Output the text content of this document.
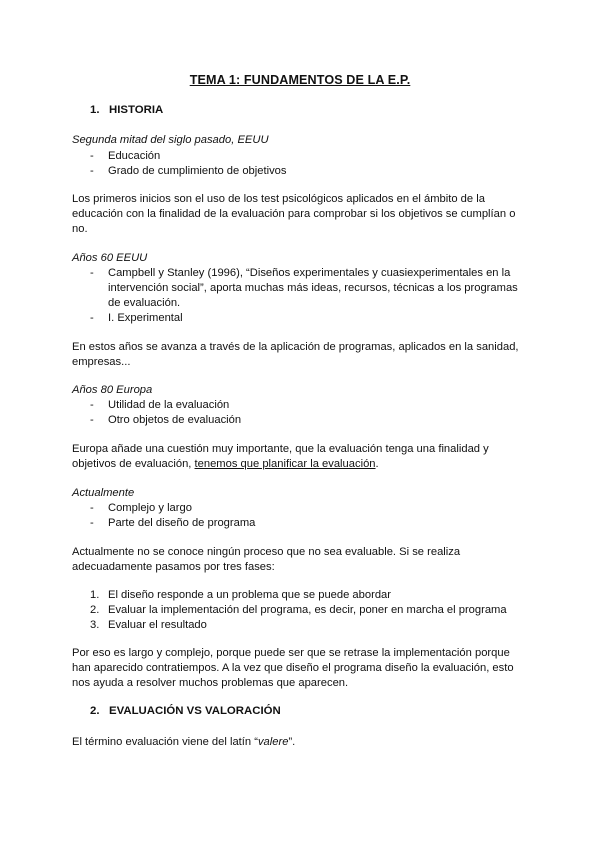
TEMA 1: FUNDAMENTOS DE LA E.P.
1. HISTORIA
Segunda mitad del siglo pasado, EEUU
- Educación
- Grado de cumplimiento de objetivos
Los primeros inicios son el uso de los test psicológicos aplicados en el ámbito de la
educación con la finalidad de la evaluación para comprobar si los objetivos se cumplían o
no.
Años 60 EEUU
- Campbell y Stanley (1996), “Diseños experimentales y cuasiexperimentales en la
intervención social”, aporta muchas más ideas, recursos, técnicas a los programas
de evaluación.
- I. Experimental
En estos años se avanza a través de la aplicación de programas, aplicados en la sanidad,
empresas...
Años 80 Europa
- Utilidad de la evaluación
- Otro objetos de evaluación
Europa añade una cuestión muy importante, que la evaluación tenga una finalidad y
objetivos de evaluación, tenemos que planificar la evaluación.
Actualmente
- Complejo y largo
- Parte del diseño de programa
Actualmente no se conoce ningún proceso que no sea evaluable. Si se realiza
adecuadamente pasamos por tres fases:
1. El diseño responde a un problema que se puede abordar
2. Evaluar la implementación del programa, es decir, poner en marcha el programa
3. Evaluar el resultado
Por eso es largo y complejo, porque puede ser que se retrase la implementación porque
han aparecido contratiempos. A la vez que diseño el programa diseño la evaluación, esto
nos ayuda a resolver muchos problemas que aparecen.
2. EVALUACIÓN VS VALORACIÓN
El término evaluación viene del latín “valere”.
